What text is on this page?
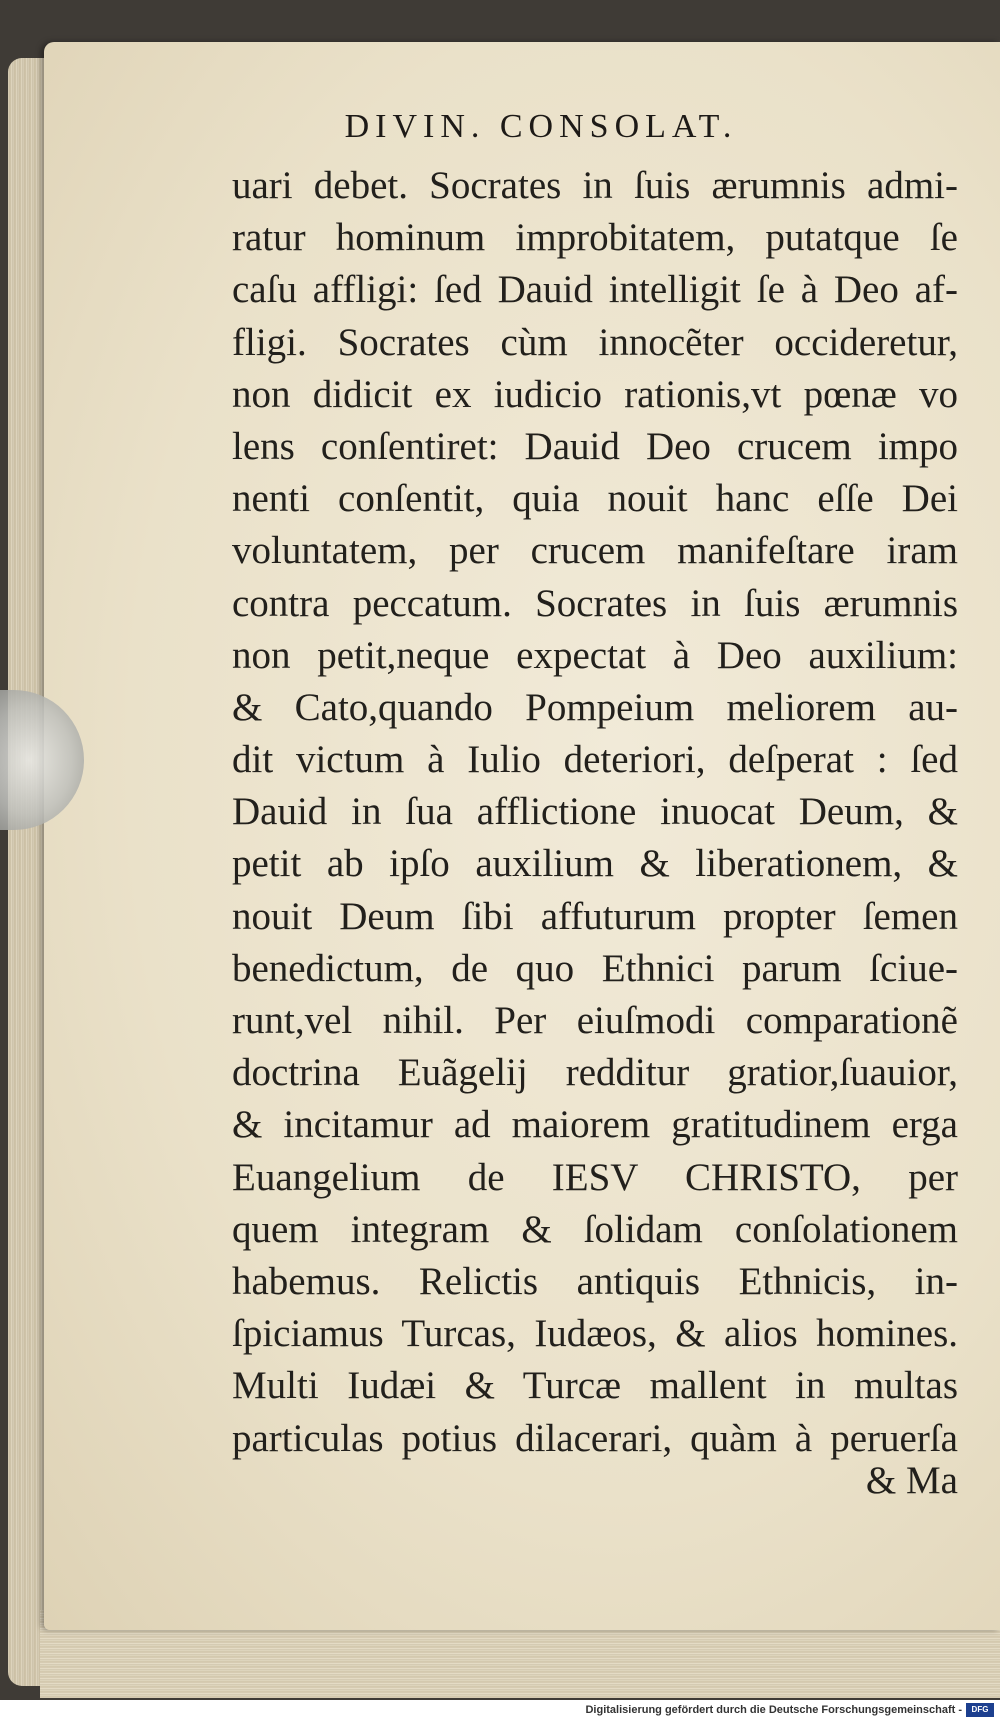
DIVIN. CONSOLAT.
uari debet. Socrates in ſuis ærumnis admi-
ratur hominum improbitatem, putatque ſe
caſu affligi: ſed Dauid intelligit ſe à Deo af-
fligi. Socrates cùm innocẽter occideretur,
non didicit ex iudicio rationis,vt pœnæ vo
lens conſentiret: Dauid Deo crucem impo
nenti conſentit, quia nouit hanc eſſe Dei
voluntatem, per crucem manifeſtare iram
contra peccatum. Socrates in ſuis ærumnis
non petit,neque expectat à Deo auxilium:
& Cato,quando Pompeium meliorem au-
dit victum à Iulio deteriori, deſperat : ſed
Dauid in ſua afflictione inuocat Deum, &
petit ab ipſo auxilium & liberationem, &
nouit Deum ſibi affuturum propter ſemen
benedictum, de quo Ethnici parum ſciue-
runt,vel nihil. Per eiuſmodi comparationẽ
doctrina Euãgelij redditur gratior,ſuauior,
& incitamur ad maiorem gratitudinem erga
Euangelium de IESV CHRISTO, per
quem integram & ſolidam conſolationem
habemus. Relictis antiquis Ethnicis, in-
ſpiciamus Turcas, Iudæos, & alios homines.
Multi Iudæi & Turcæ mallent in multas
particulas potius dilacerari, quàm à peruerſa
& Ma
Digitalisierung gefördert durch die Deutsche Forschungsgemeinschaft -	DFG
